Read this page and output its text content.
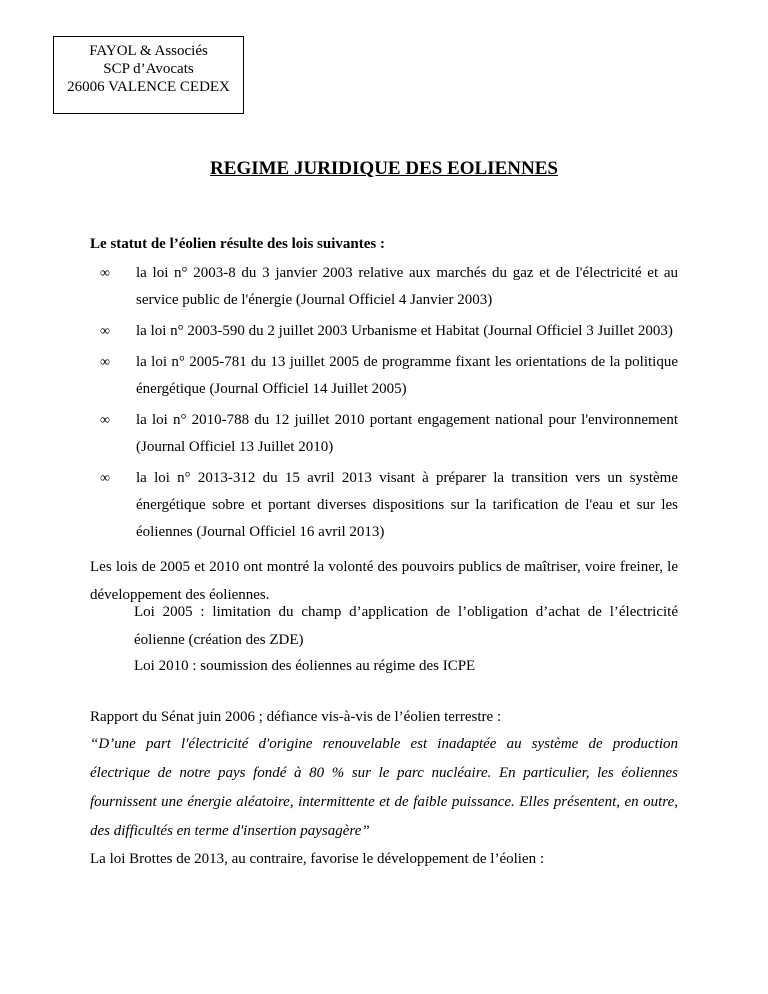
FAYOL & Associés
SCP d’Avocats
26006 VALENCE CEDEX
REGIME JURIDIQUE DES EOLIENNES
Le statut de l’éolien résulte des lois suivantes :
∞ la loi n° 2003-8 du 3 janvier 2003 relative aux marchés du gaz et de l'électricité et au service public de l'énergie (Journal Officiel 4 Janvier 2003)
∞ la loi n° 2003-590 du 2 juillet 2003 Urbanisme et Habitat (Journal Officiel 3 Juillet 2003)
∞ la loi n° 2005-781 du 13 juillet 2005 de programme fixant les orientations de la politique énergétique (Journal Officiel 14 Juillet 2005)
∞ la loi n° 2010-788 du 12 juillet 2010 portant engagement national pour l'environnement (Journal Officiel 13 Juillet 2010)
∞ la loi n° 2013-312 du 15 avril 2013 visant à préparer la transition vers un système énergétique sobre et portant diverses dispositions sur la tarification de l'eau et sur les éoliennes (Journal Officiel 16 avril 2013)
Les lois de 2005 et 2010 ont montré la volonté des pouvoirs publics de maîtriser, voire freiner, le développement des éoliennes.
Loi 2005 : limitation du champ d’application de l’obligation d’achat de l’électricité éolienne (création des ZDE)
Loi 2010 : soumission des éoliennes au régime des ICPE
Rapport du Sénat juin 2006 ; défiance vis-à-vis de l’éolien terrestre :
“D’une part l'électricité d'origine renouvelable est inadaptée au système de production électrique de notre pays fondé à 80 % sur le parc nucléaire. En particulier, les éoliennes fournissent une énergie aléatoire, intermittente et de faible puissance. Elles présentent, en outre, des difficultés en terme d'insertion paysagère”
La loi Brottes de 2013, au contraire, favorise le développement de l’éolien :
